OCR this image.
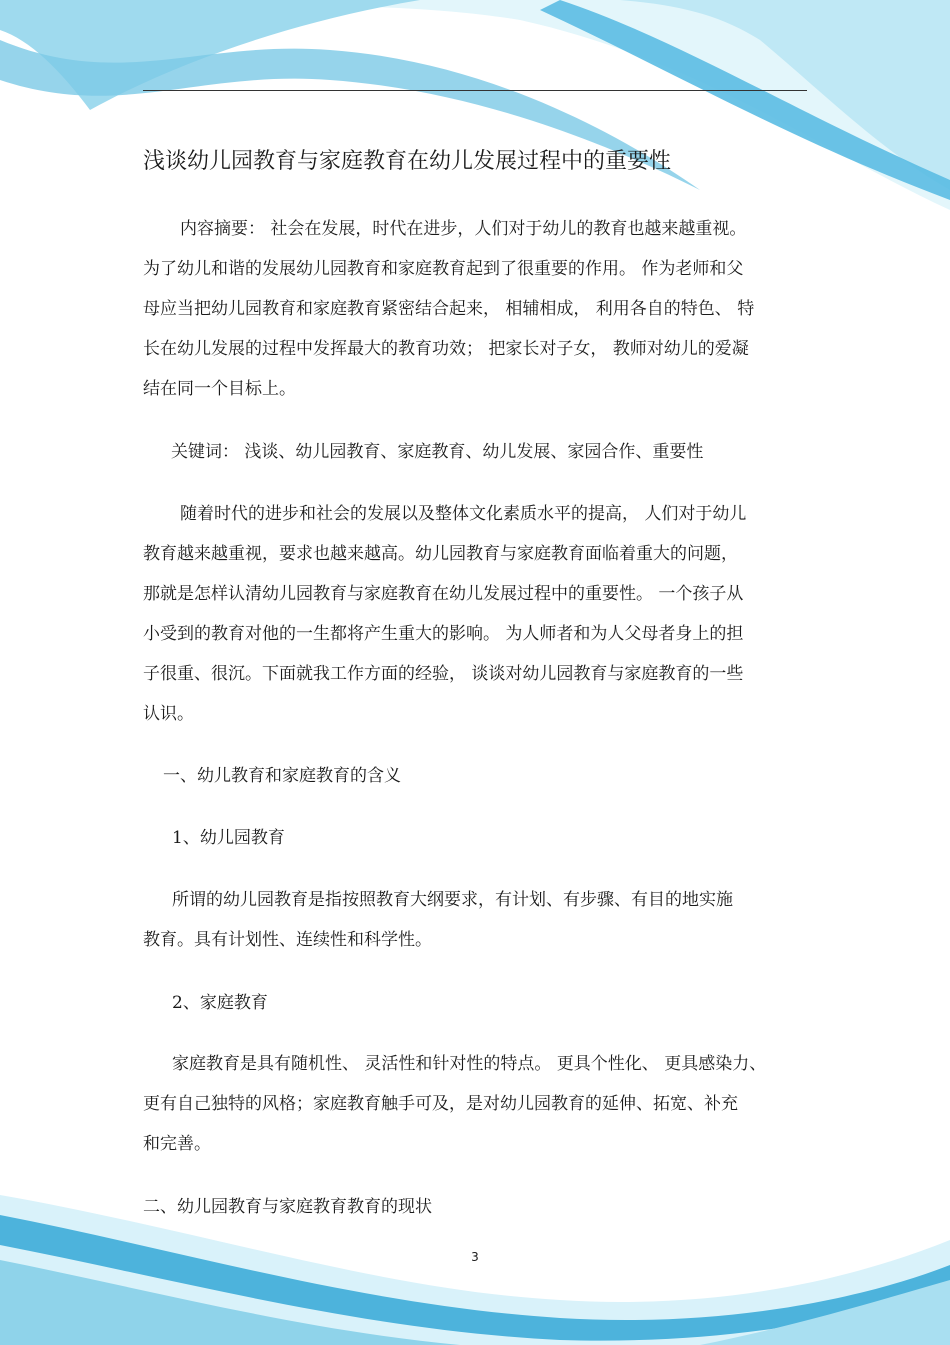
浅谈幼儿园教育与家庭教育在幼儿发展过程中的重要性
内容摘要： 社会在发展，时代在进步，人们对于幼儿的教育也越来越重视。
为了幼儿和谐的发展幼儿园教育和家庭教育起到了很重要的作用。 作为老师和父
母应当把幼儿园教育和家庭教育紧密结合起来， 相辅相成， 利用各自的特色、 特
长在幼儿发展的过程中发挥最大的教育功效； 把家长对子女， 教师对幼儿的爱凝
结在同一个目标上。
关键词： 浅谈、幼儿园教育、家庭教育、幼儿发展、家园合作、重要性
随着时代的进步和社会的发展以及整体文化素质水平的提高， 人们对于幼儿
教育越来越重视，要求也越来越高。幼儿园教育与家庭教育面临着重大的问题，
那就是怎样认清幼儿园教育与家庭教育在幼儿发展过程中的重要性。 一个孩子从
小受到的教育对他的一生都将产生重大的影响。 为人师者和为人父母者身上的担
子很重、很沉。下面就我工作方面的经验， 谈谈对幼儿园教育与家庭教育的一些
认识。
一、幼儿教育和家庭教育的含义
1、幼儿园教育
所谓的幼儿园教育是指按照教育大纲要求，有计划、有步骤、有目的地实施
教育。具有计划性、连续性和科学性。
2、家庭教育
家庭教育是具有随机性、 灵活性和针对性的特点。 更具个性化、 更具感染力、
更有自己独特的风格；家庭教育触手可及，是对幼儿园教育的延伸、拓宽、补充
和完善。
二、幼儿园教育与家庭教育教育的现状
3
